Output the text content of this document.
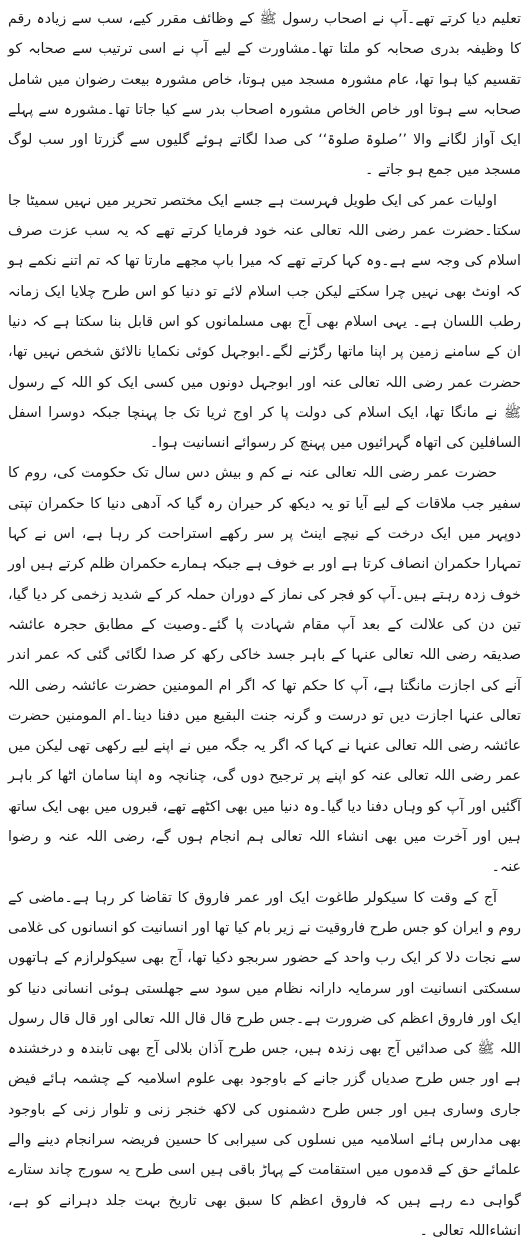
تعلیم دیا کرتے تھے۔آپ نے اصحاب رسول ﷺ کے وظائف مقرر کیے، سب سے زیادہ رقم کا وظیفہ بدری صحابہ کو ملتا تھا۔مشاورت کے لیے آپ نے اسی ترتیب سے صحابہ کو تقسیم کیا ہوا تھا، عام مشورہ مسجد میں ہوتا، خاص مشورہ بیعت رضوان میں شامل صحابہ سے ہوتا اور خاص الخاص مشورہ اصحاب بدر سے کیا جاتا تھا۔مشورہ سے پہلے ایک آواز لگانے والا ’’صلوۃ صلوۃ‘‘ کی صدا لگاتے ہوئے گلیوں سے گزرتا اور سب لوگ مسجد میں جمع ہو جاتے ۔

اولیات عمر کی ایک طویل فہرست ہے جسے ایک مختصر تحریر میں نہیں سمیٹا جا سکتا۔حضرت عمر رضی اللہ تعالی عنہ خود فرمایا کرتے تھے کہ یہ سب عزت صرف اسلام کی وجہ سے ہے۔وہ کہا کرتے تھے کہ میرا باپ مجھے مارتا تھا کہ تم اتنے نکمے ہو کہ اونٹ بھی نہیں چرا سکتے لیکن جب اسلام لائے تو دنیا کو اس طرح چلایا ایک زمانہ رطب اللسان ہے۔ یہی اسلام بھی آج بھی مسلمانوں کو اس قابل بنا سکتا ہے کہ دنیا ان کے سامنے زمین پر اپنا ماتھا رگڑنے لگے۔ابوجہل کوئی نکمایا نالائق شخص نہیں تھا، حضرت عمر رضی اللہ تعالی عنہ اور ابوجہل دونوں میں کسی ایک کو اللہ کے رسول ﷺ نے مانگا تھا، ایک اسلام کی دولت پا کر اوج ثریا تک جا پہنچا جبکہ دوسرا اسفل السافلین کی اتھاہ گہرائیوں میں پہنچ کر رسوائے انسانیت ہوا۔

حضرت عمر رضی اللہ تعالی عنہ نے کم و بیش دس سال تک حکومت کی، روم کا سفیر جب ملاقات کے لیے آیا تو یہ دیکھ کر حیران رہ گیا کہ آدھی دنیا کا حکمران تپتی دوپہر میں ایک درخت کے نیچے اینٹ پر سر رکھے استراحت کر رہا ہے، اس نے کہا تمہارا حکمران انصاف کرتا ہے اور بے خوف ہے جبکہ ہمارے حکمران ظلم کرتے ہیں اور خوف زدہ رہتے ہیں۔آپ کو فجر کی نماز کے دوران حملہ کر کے شدید زخمی کر دیا گیا، تین دن کی علالت کے بعد آپ مقام شہادت پا گئے۔وصیت کے مطابق حجرہ عائشہ صدیقہ رضی اللہ تعالی عنہا کے باہر جسد خاکی رکھ کر صدا لگائی گئی کہ عمر اندر آنے کی اجازت مانگتا ہے، آپ کا حکم تھا کہ اگر ام المومنین حضرت عائشہ رضی اللہ تعالی عنہا اجازت دیں تو درست و گرنہ جنت البقیع میں دفنا دینا۔ام المومنین حضرت عائشہ رضی اللہ تعالی عنہا نے کہا کہ اگر یہ جگہ میں نے اپنے لیے رکھی تھی لیکن میں عمر رضی اللہ تعالی عنہ کو اپنے پر ترجیح دوں گی، چنانچہ وہ اپنا سامان اٹھا کر باہر آگئیں اور آپ کو وہاں دفنا دیا گیا۔وہ دنیا میں بھی اکٹھے تھے، قبروں میں بھی ایک ساتھ ہیں اور آخرت میں بھی انشاء اللہ تعالی ہم انجام ہوں گے، رضی اللہ عنہ و رضوا عنہ۔

آج کے وقت کا سیکولر طاغوت ایک اور عمر فاروق کا تقاضا کر رہا ہے۔ماضی کے روم و ایران کو جس طرح فاروقیت نے زیر بام کیا تھا اور انسانیت کو انسانوں کی غلامی سے نجات دلا کر ایک رب واحد کے حضور سربجو دکیا تھا، آج بھی سیکولرازم کے ہاتھوں سسکتی انسانیت اور سرمایہ دارانہ نظام میں سود سے جھلستی ہوئی انسانی دنیا کو ایک اور فاروق اعظم کی ضرورت ہے۔جس طرح قال قال اللہ تعالی اور قال قال رسول اللہ ﷺ کی صدائیں آج بھی زندہ ہیں، جس طرح آذان بلالی آج بھی تابندہ و درخشندہ ہے اور جس طرح صدیاں گزر جانے کے باوجود بھی علوم اسلامیہ کے چشمہ ہائے فیض جاری وساری ہیں اور جس طرح دشمنوں کی لاکھ خنجر زنی و تلوار زنی کے باوجود بھی مدارس ہائے اسلامیہ میں نسلوں کی سیرابی کا حسین فریضہ سرانجام دینے والے علمائے حق کے قدموں میں استقامت کے پہاڑ باقی ہیں اسی طرح یہ سورج چاند ستارے گواہی دے رہے ہیں کہ فاروق اعظم کا سبق بھی تاریخ بہت جلد دہرانے کو ہے، انشاءاللہ تعالی ۔
